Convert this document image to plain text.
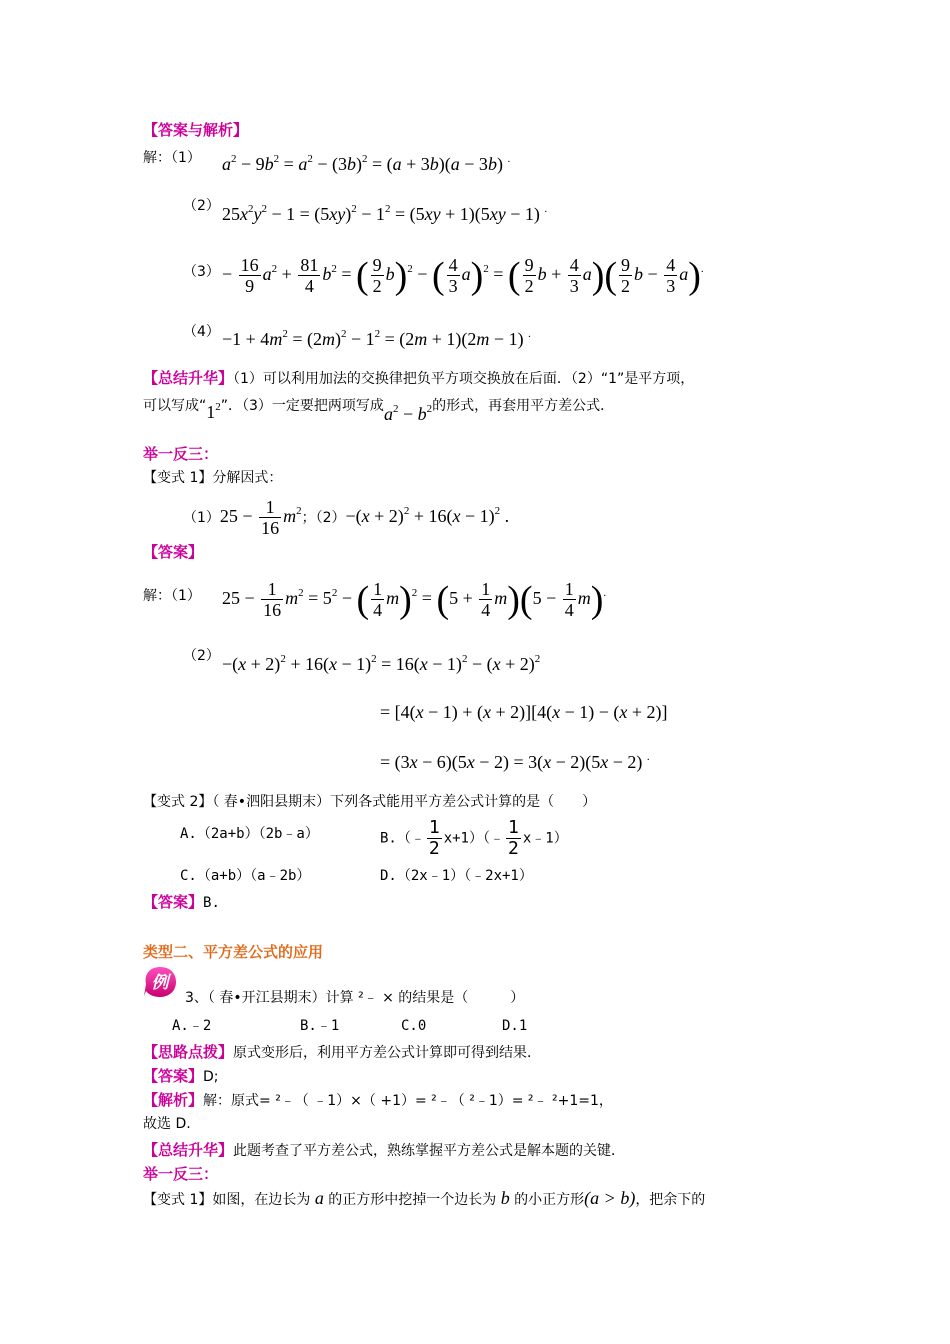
【答案与解析】
解：（1） $a^2 - 9b^2 = a^2 - (3b)^2 = (a + 3b)(a - 3b)$ .
（2） $25x^2y^2 - 1 = (5xy)^2 - 1^2 = (5xy + 1)(5xy - 1)$ .
$(3) - \frac{16}{9} a^2 + \frac{81}{4} b^2$ = ( $\frac{9}{2} b)^2$ − ( $\frac{4}{3} a)^2$ = ( $\frac{9}{2}$ $b + \frac{4}{3} a)( \frac{9}{2}$ $b - \frac{4}{3} a)^.$
$(4) -1 + 4m^2 = (2m)^2 - 1^2 = (2m + 1)(2m - 1)$ .
【总结升华】（1）可以利用加法的交换律把负平方项交换放在后面．（2）“1”是平方项，
可以写成“$1^2$”．（3）一定要把两项写成$a^2 - b^2$的形式，再套用平方差公式．
举一反三：
【变式 1】分解因式：
$(1)25 - \frac{1}{16} m^2$；$(2)-(x + 2)^2 + 16(x - 1)^2$ .
【答案】
解：（1） $25 - \frac{1}{16} m^2 = 5^2$ − ( $\frac{1}{4} m)^2 = (5 + \frac{1}{4} m)(5 - \frac{1}{4} m)^.$
$(2) -(x + 2)^2 + 16(x - 1)^2 = 16(x - 1)^2 - (x + 2)^2$
= [4(x − 1) + (x + 2)][4(x − 1) − (x + 2)]
= (3x − 6)(5x − 2) = 3(x − 2)(5x − 2) .
【变式 2】（ 春•泗阳县期末）下列各式能用平方差公式计算的是（　　）
A.（2a+b）（2b﹣a）	B.（﹣ $\frac{1}{2}$ x+1）（﹣ $\frac{1}{2}$ x﹣1）
C.（a+b）（a﹣2b）	D.（2x﹣1）（﹣2x+1）
【答案】B.
类型二、平方差公式的应用
例
3、（ 春•开江县期末）计算 ²﹣ × 的结果是（　　　）
A.﹣2	B.﹣1	C.0	D.1
【思路点拨】原式变形后，利用平方差公式计算即可得到结果．
【答案】D;
【解析】解：原式= ²﹣（ ﹣1）×（ +1）= ²﹣（ ²﹣1）= ²﹣ ²+1=1，
故选 D.
【总结升华】此题考查了平方差公式，熟练掌握平方差公式是解本题的关键．
举一反三：
【变式 1】如图，在边长为 a 的正方形中挖掉一个边长为 b 的小正方形(a > b)，把余下的
